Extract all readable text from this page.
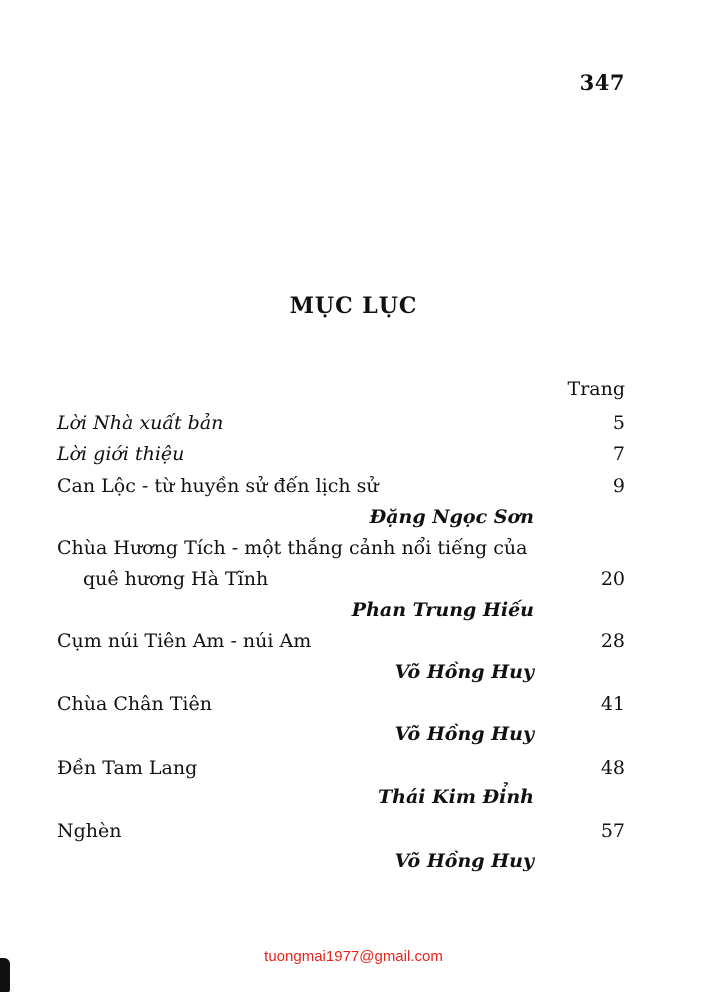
347
MỤC LỤC
Trang
Lời Nhà xuất bản	5
Lời giới thiệu	7
Can Lộc - từ huyền sử đến lịch sử	9
Đặng Ngọc Sơn
Chùa Hương Tích - một thắng cảnh nổi tiếng của
quê hương Hà Tĩnh	20
Phan Trung Hiếu
Cụm núi Tiên Am - núi Am	28
Võ Hồng Huy
Chùa Chân Tiên	41
Võ Hồng Huy
Đền Tam Lang	48
Thái Kim Đỉnh
Nghèn	57
Võ Hồng Huy
tuongmai1977@gmail.com
